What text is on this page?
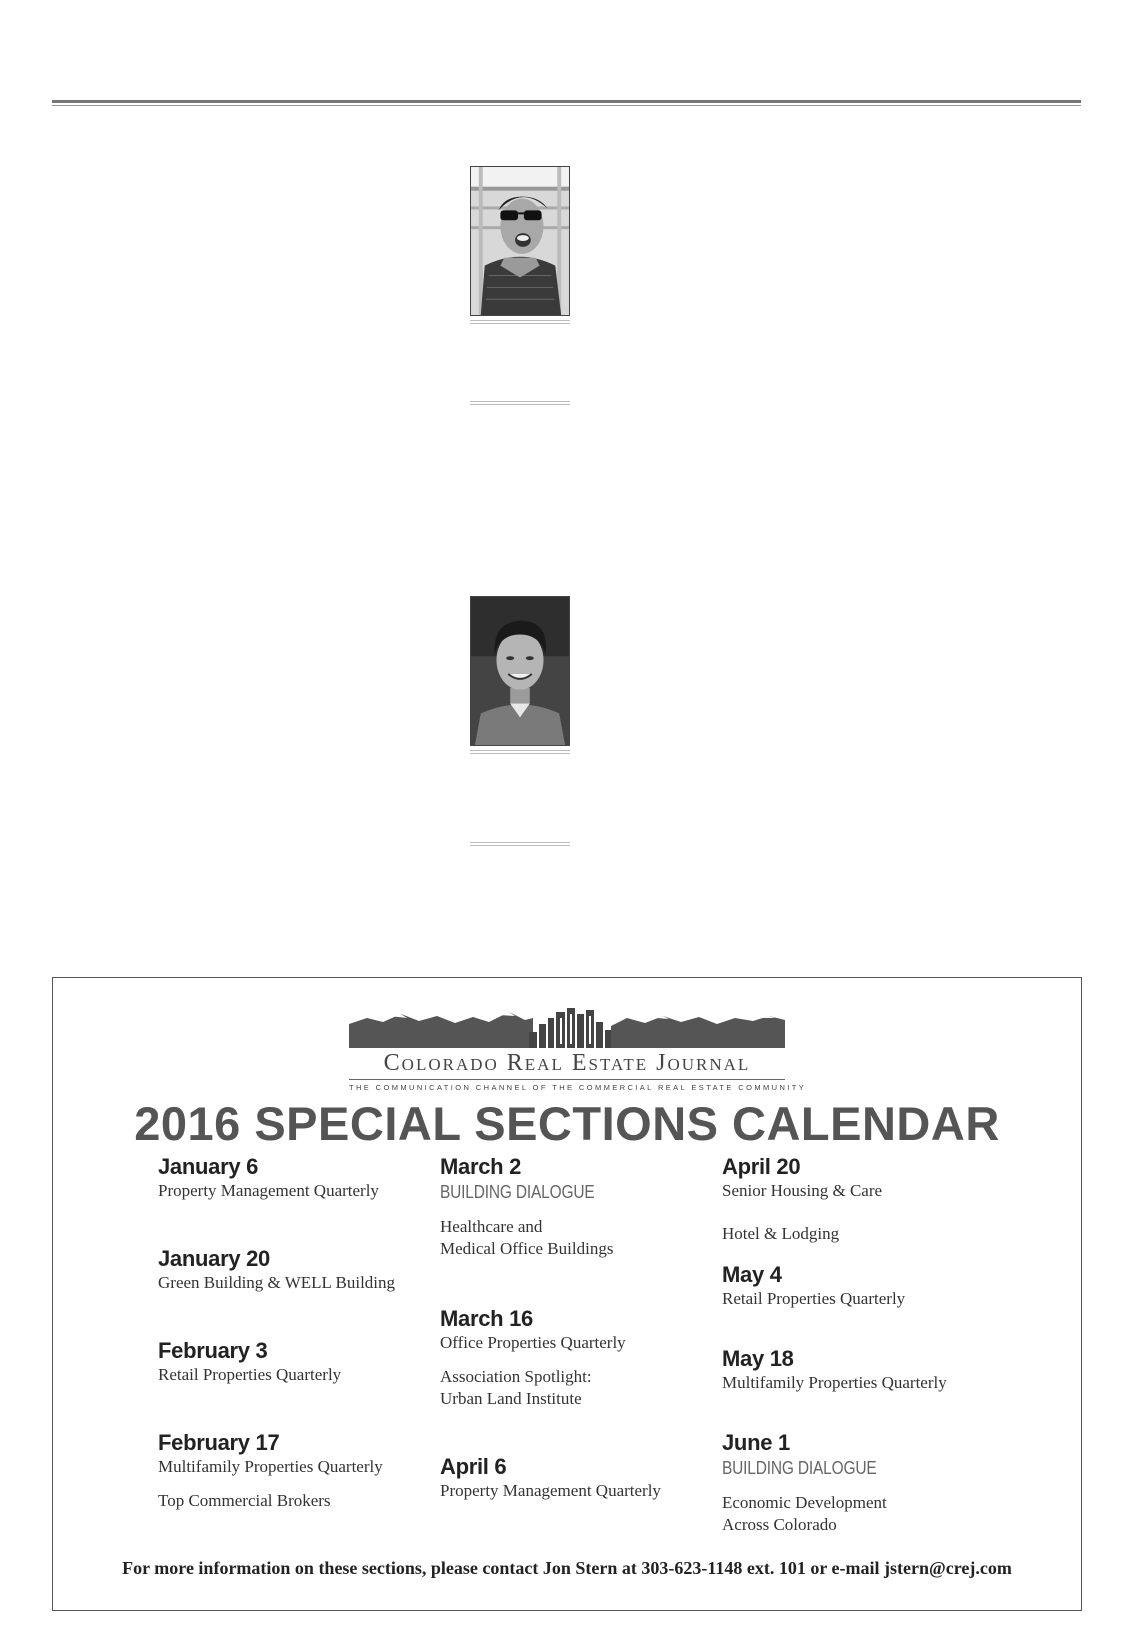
Colorado Real Estate Journal
THE COMMUNICATION CHANNEL OF THE COMMERCIAL REAL ESTATE COMMUNITY
2016 SPECIAL SECTIONS CALENDAR
January 6
Property Management Quarterly
January 20
Green Building & WELL Building
February 3
Retail Properties Quarterly
February 17
Multifamily Properties Quarterly
Top Commercial Brokers
March 2
BUILDING DIALOGUE
Healthcare and
Medical Office Buildings
March 16
Office Properties Quarterly
Association Spotlight:
Urban Land Institute
April 6
Property Management Quarterly
April 20
Senior Housing & Care
Hotel & Lodging
May 4
Retail Properties Quarterly
May 18
Multifamily Properties Quarterly
June 1
BUILDING DIALOGUE
Economic Development
Across Colorado
For more information on these sections, please contact Jon Stern at 303-623-1148 ext. 101 or e-mail jstern@crej.com
